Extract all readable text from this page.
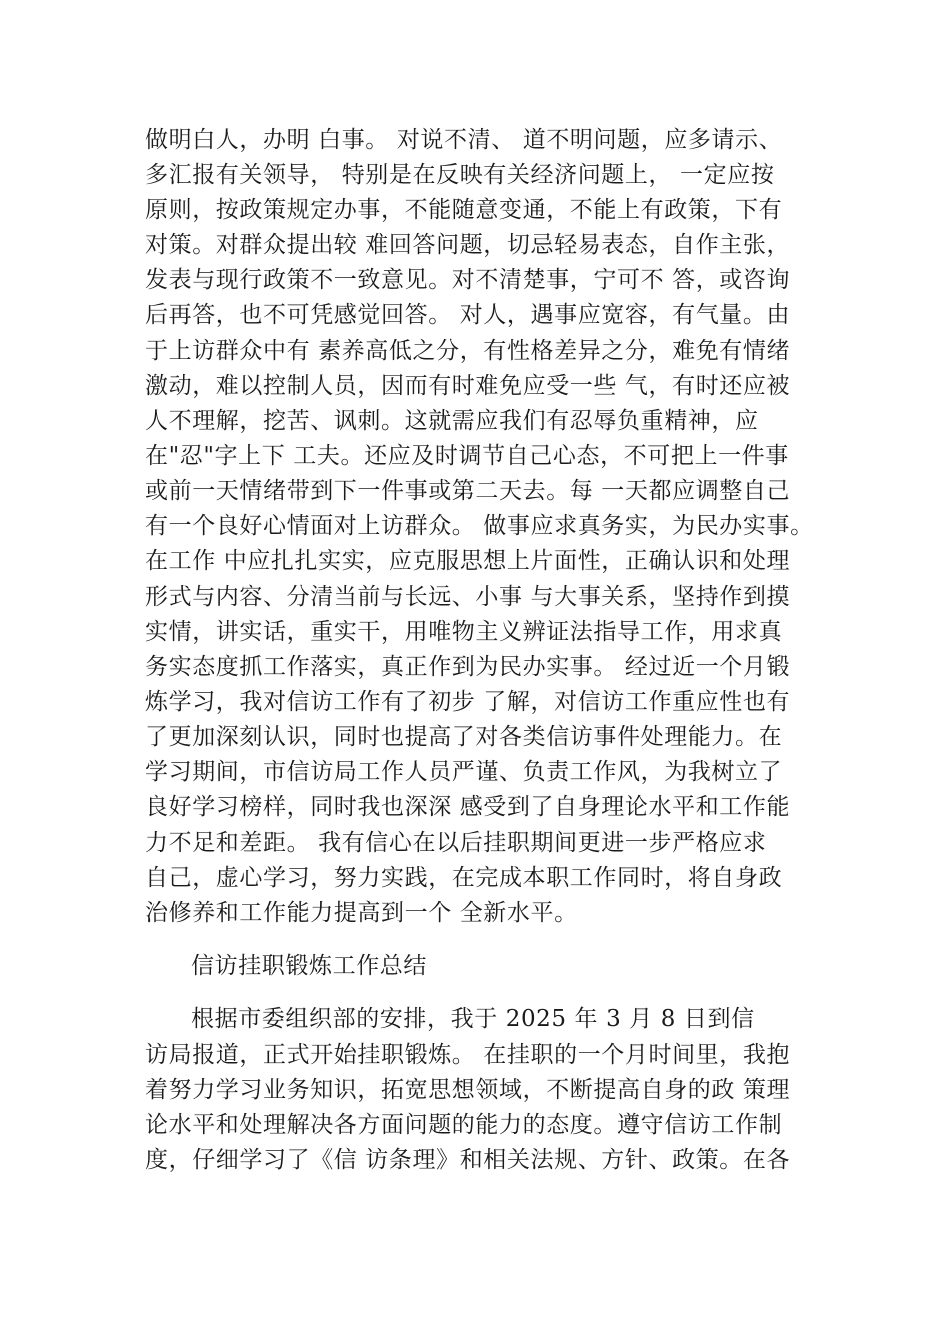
做明白人，办明 白事。 对说不清、 道不明问题，应多请示、
多汇报有关领导， 特别是在反映有关经济问题上， 一定应按
原则，按政策规定办事，不能随意变通，不能上有政策，下有
对策。对群众提出较 难回答问题，切忌轻易表态，自作主张，
发表与现行政策不一致意见。对不清楚事，宁可不 答，或咨询
后再答，也不可凭感觉回答。 对人，遇事应宽容，有气量。由
于上访群众中有 素养高低之分，有性格差异之分，难免有情绪
激动，难以控制人员，因而有时难免应受一些 气，有时还应被
人不理解，挖苦、讽刺。这就需应我们有忍辱负重精神，应
在"忍"字上下 工夫。还应及时调节自己心态，不可把上一件事
或前一天情绪带到下一件事或第二天去。每 一天都应调整自己
有一个良好心情面对上访群众。 做事应求真务实，为民办实事。
在工作 中应扎扎实实，应克服思想上片面性，正确认识和处理
形式与内容、分清当前与长远、小事 与大事关系，坚持作到摸
实情，讲实话，重实干，用唯物主义辨证法指导工作，用求真
务实态度抓工作落实，真正作到为民办实事。 经过近一个月锻
炼学习，我对信访工作有了初步 了解，对信访工作重应性也有
了更加深刻认识，同时也提高了对各类信访事件处理能力。在
学习期间，市信访局工作人员严谨、负责工作风，为我树立了
良好学习榜样，同时我也深深 感受到了自身理论水平和工作能
力不足和差距。 我有信心在以后挂职期间更进一步严格应求
自己，虚心学习，努力实践，在完成本职工作同时，将自身政
治修养和工作能力提高到一个 全新水平。
信访挂职锻炼工作总结
根据市委组织部的安排，我于 2025 年 3 月 8 日到信
访局报道，正式开始挂职锻炼。 在挂职的一个月时间里，我抱
着努力学习业务知识，拓宽思想领域，不断提高自身的政 策理
论水平和处理解决各方面问题的能力的态度。遵守信访工作制
度，仔细学习了《信 访条理》和相关法规、方针、政策。在各
